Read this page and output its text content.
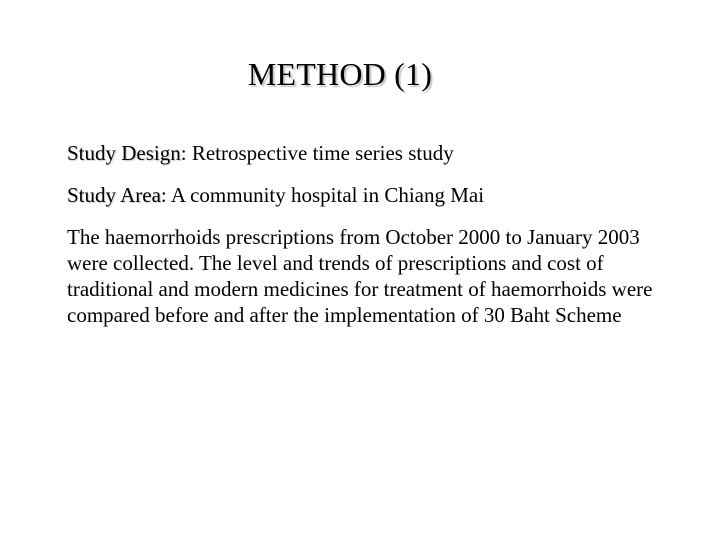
METHOD (1)

Study Design: Retrospective time series study

Study Area: A community hospital in Chiang Mai

The haemorrhoids prescriptions from October 2000 to January 2003 were collected. The level and trends of prescriptions and cost of traditional and modern medicines for treatment of haemorrhoids were compared before and after the implementation of 30 Baht Scheme
